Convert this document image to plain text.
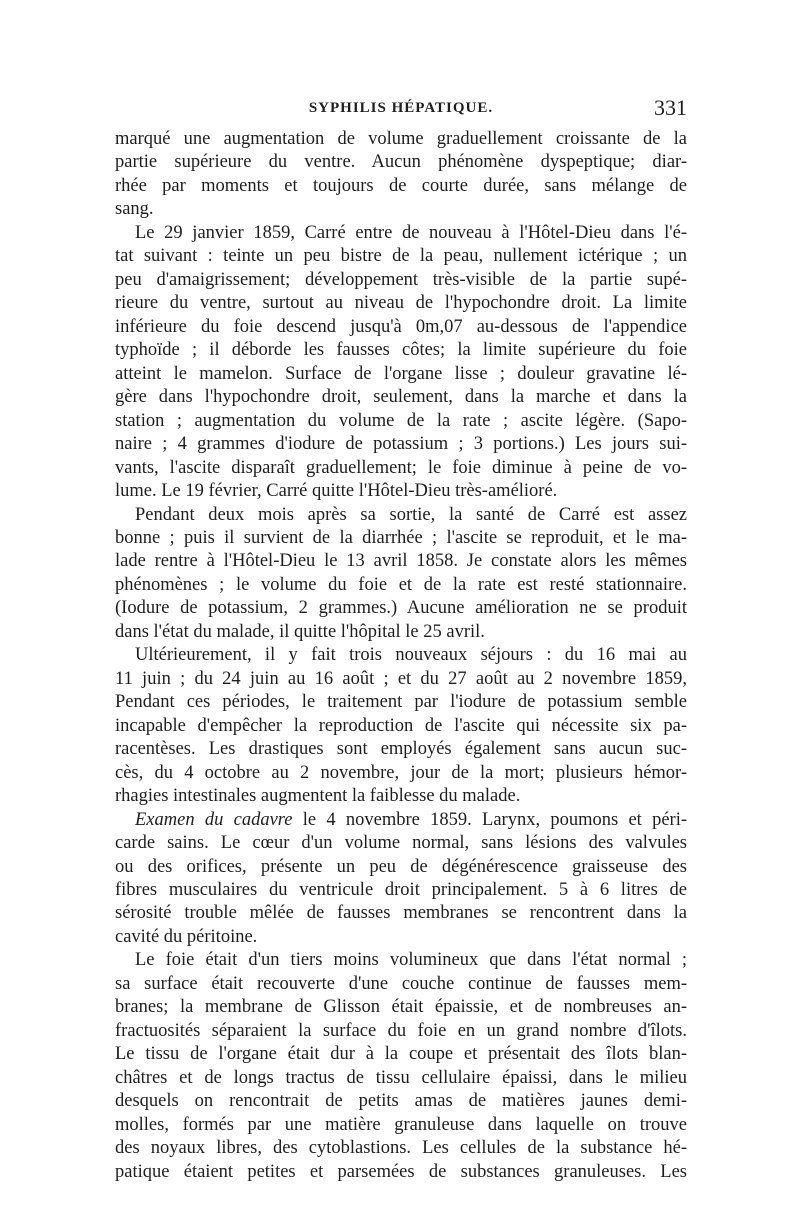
SYPHILIS HÉPATIQUE.	331
marqué une augmentation de volume graduellement croissante de la
partie supérieure du ventre. Aucun phénomène dyspeptique; diar-
rhée par moments et toujours de courte durée, sans mélange de
sang.
Le 29 janvier 1859, Carré entre de nouveau à l'Hôtel-Dieu dans l'é-
tat suivant : teinte un peu bistre de la peau, nullement ictérique ; un
peu d'amaigrissement; développement très-visible de la partie supé-
rieure du ventre, surtout au niveau de l'hypochondre droit. La limite
inférieure du foie descend jusqu'à 0m,07 au-dessous de l'appendice
typhoïde ; il déborde les fausses côtes; la limite supérieure du foie
atteint le mamelon. Surface de l'organe lisse ; douleur gravatine lé-
gère dans l'hypochondre droit, seulement, dans la marche et dans la
station ; augmentation du volume de la rate ; ascite légère. (Sapo-
naire ; 4 grammes d'iodure de potassium ; 3 portions.) Les jours sui-
vants, l'ascite disparaît graduellement; le foie diminue à peine de vo-
lume. Le 19 février, Carré quitte l'Hôtel-Dieu très-amélioré.
Pendant deux mois après sa sortie, la santé de Carré est assez
bonne ; puis il survient de la diarrhée ; l'ascite se reproduit, et le ma-
lade rentre à l'Hôtel-Dieu le 13 avril 1858. Je constate alors les mêmes
phénomènes ; le volume du foie et de la rate est resté stationnaire.
(Iodure de potassium, 2 grammes.) Aucune amélioration ne se produit
dans l'état du malade, il quitte l'hôpital le 25 avril.
Ultérieurement, il y fait trois nouveaux séjours : du 16 mai au
11 juin ; du 24 juin au 16 août ; et du 27 août au 2 novembre 1859,
Pendant ces périodes, le traitement par l'iodure de potassium semble
incapable d'empêcher la reproduction de l'ascite qui nécessite six pa-
racentèses. Les drastiques sont employés également sans aucun suc-
cès, du 4 octobre au 2 novembre, jour de la mort; plusieurs hémor-
rhagies intestinales augmentent la faiblesse du malade.
Examen du cadavre le 4 novembre 1859. Larynx, poumons et péri-
carde sains. Le cœur d'un volume normal, sans lésions des valvules
ou des orifices, présente un peu de dégénérescence graisseuse des
fibres musculaires du ventricule droit principalement. 5 à 6 litres de
sérosité trouble mêlée de fausses membranes se rencontrent dans la
cavité du péritoine.
Le foie était d'un tiers moins volumineux que dans l'état normal ;
sa surface était recouverte d'une couche continue de fausses mem-
branes; la membrane de Glisson était épaissie, et de nombreuses an-
fractuosités séparaient la surface du foie en un grand nombre d'îlots.
Le tissu de l'organe était dur à la coupe et présentait des îlots blan-
châtres et de longs tractus de tissu cellulaire épaissi, dans le milieu
desquels on rencontrait de petits amas de matières jaunes demi-
molles, formés par une matière granuleuse dans laquelle on trouve
des noyaux libres, des cytoblastions. Les cellules de la substance hé-
patique étaient petites et parsemées de substances granuleuses. Les
